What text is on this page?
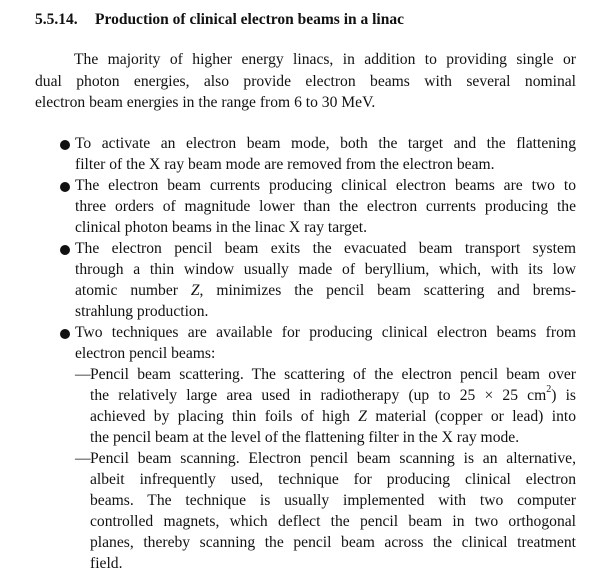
5.5.14. Production of clinical electron beams in a linac
The majority of higher energy linacs, in addition to providing single or
dual photon energies, also provide electron beams with several nominal
electron beam energies in the range from 6 to 30 MeV.
To activate an electron beam mode, both the target and the flattening
filter of the X ray beam mode are removed from the electron beam.
The electron beam currents producing clinical electron beams are two to
three orders of magnitude lower than the electron currents producing the
clinical photon beams in the linac X ray target.
The electron pencil beam exits the evacuated beam transport system
through a thin window usually made of beryllium, which, with its low
atomic number Z, minimizes the pencil beam scattering and brems-
strahlung production.
Two techniques are available for producing clinical electron beams from
electron pencil beams:
— Pencil beam scattering. The scattering of the electron pencil beam over
the relatively large area used in radiotherapy (up to 25 × 25 $cm^2$) is
achieved by placing thin foils of high Z material (copper or lead) into
the pencil beam at the level of the flattening filter in the X ray mode.
— Pencil beam scanning. Electron pencil beam scanning is an alternative,
albeit infrequently used, technique for producing clinical electron
beams. The technique is usually implemented with two computer
controlled magnets, which deflect the pencil beam in two orthogonal
planes, thereby scanning the pencil beam across the clinical treatment
field.
